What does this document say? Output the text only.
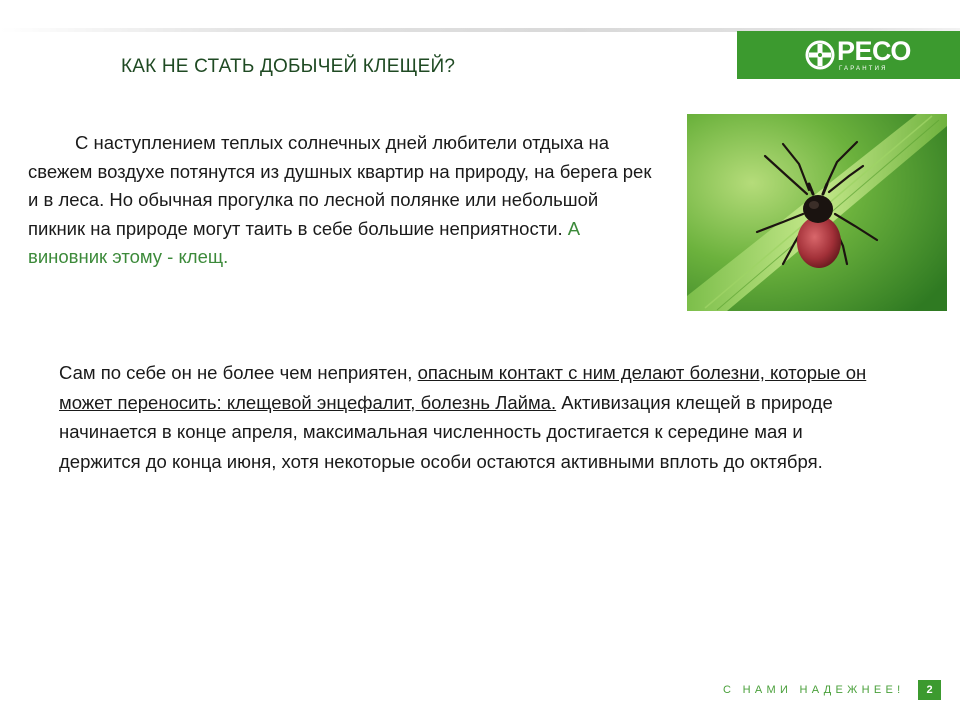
РЕСО
ГАРАНТИЯ
КАК НЕ СТАТЬ ДОБЫЧЕЙ КЛЕЩЕЙ?

С наступлением теплых солнечных дней любители отдыха на свежем воздухе потянутся из душных квартир на природу, на берега рек и в леса. Но обычная прогулка по лесной полянке или небольшой пикник на природе могут таить в себе большие неприятности. А виновник этому - клещ.

Сам по себе он не более чем неприятен, опасным контакт с ним делают болезни, которые он может переносить: клещевой энцефалит, болезнь Лайма. Активизация клещей в природе начинается в конце апреля, максимальная численность достигается к середине мая и держится до конца июня, хотя некоторые особи остаются активными вплоть до октября.

С НАМИ НАДЕЖНЕЕ!	2
